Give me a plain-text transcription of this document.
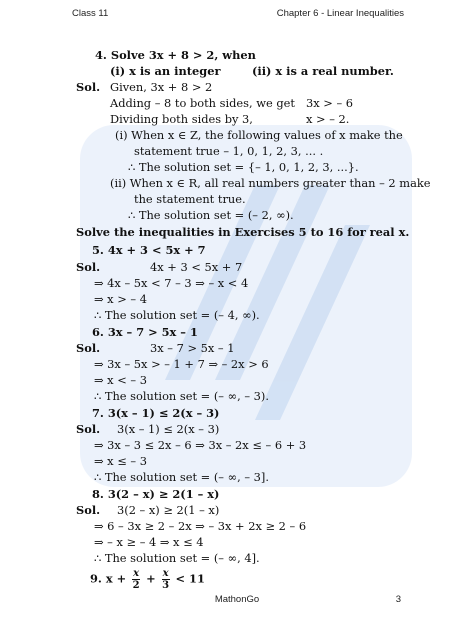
Class 11	Chapter 6 - Linear Inequalities
4. Solve 3x + 8 > 2, when
(i) x is an integer	(ii) x is a real number.
Sol. Given, 3x + 8 > 2
Adding – 8 to both sides, we get 3x > – 6
Dividing both sides by 3,	x > – 2.
(i) When x ∈ Z, the following values of x make the
statement true – 1, 0, 1, 2, 3, ... .
∴ The solution set = {– 1, 0, 1, 2, 3, ...}.
(ii) When x ∈ R, all real numbers greater than – 2 make
the statement true.
∴ The solution set = (– 2, ∞).
Solve the inequalities in Exercises 5 to 16 for real x.
5. 4x + 3 < 5x + 7
Sol.	4x + 3 < 5x + 7
⇒ 4x – 5x < 7 – 3 ⇒ – x < 4
⇒ x > – 4
∴ The solution set = (– 4, ∞).
6. 3x – 7 > 5x – 1
Sol.	3x – 7 > 5x – 1
⇒ 3x – 5x > – 1 + 7 ⇒ – 2x > 6
⇒ x < – 3
∴ The solution set = (– ∞, – 3).
7. 3(x – 1) ≤ 2(x – 3)
Sol. 3(x – 1) ≤ 2(x – 3)
⇒ 3x – 3 ≤ 2x – 6 ⇒ 3x – 2x ≤ – 6 + 3
⇒ x ≤ – 3
∴ The solution set = (– ∞, – 3].
8. 3(2 – x) ≥ 2(1 – x)
Sol. 3(2 – x) ≥ 2(1 – x)
⇒ 6 – 3x ≥ 2 – 2x ⇒ – 3x + 2x ≥ 2 – 6
⇒ – x ≥ – 4 ⇒ x ≤ 4
∴ The solution set = (– ∞, 4].
9. $x + \frac{x}{2} + \frac{x}{3} < 11$
MathonGo	3
